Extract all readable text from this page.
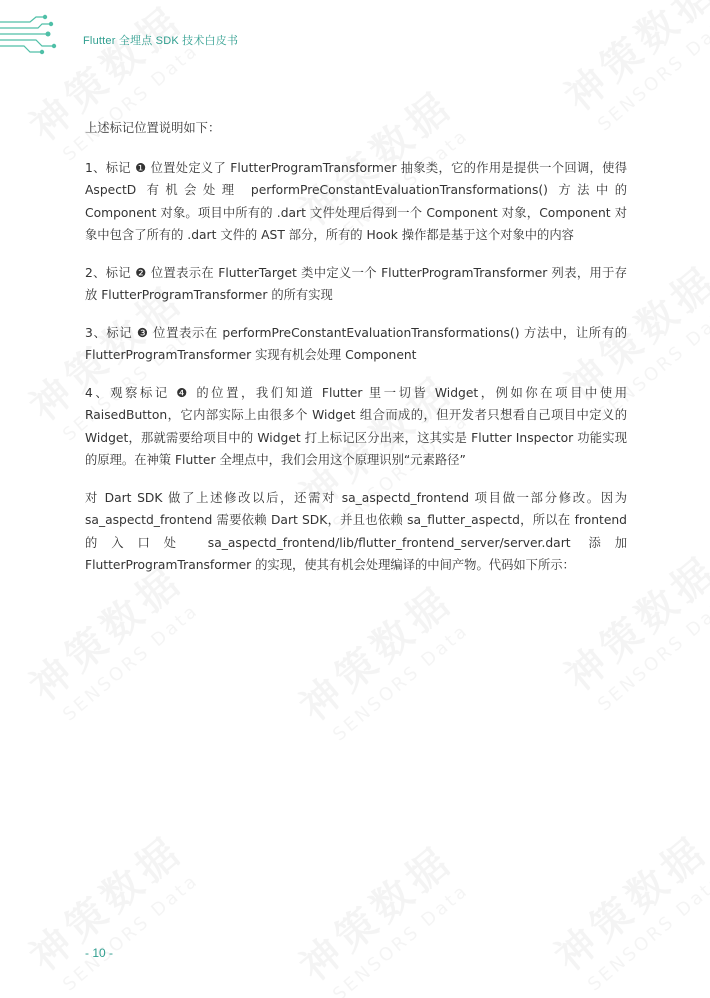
Flutter 全埋点 SDK 技术白皮书

上述标记位置说明如下：

1、标记 ❶ 位置处定义了 FlutterProgramTransformer 抽象类，它的作用是提供一个回调，使得 AspectD 有机会处理 performPreConstantEvaluationTransformations() 方法中的 Component 对象。项目中所有的 .dart 文件处理后得到一个 Component 对象，Component 对象中包含了所有的 .dart 文件的 AST 部分，所有的 Hook 操作都是基于这个对象中的内容

2、标记 ❷ 位置表示在 FlutterTarget 类中定义一个 FlutterProgramTransformer 列表，用于存放 FlutterProgramTransformer 的所有实现

3、标记 ❸ 位置表示在 performPreConstantEvaluationTransformations() 方法中，让所有的 FlutterProgramTransformer 实现有机会处理 Component

4、观察标记 ❹ 的位置，我们知道 Flutter 里一切皆 Widget，例如你在项目中使用 RaisedButton，它内部实际上由很多个 Widget 组合而成的，但开发者只想看自己项目中定义的 Widget，那就需要给项目中的 Widget 打上标记区分出来，这其实是 Flutter Inspector 功能实现的原理。在神策 Flutter 全埋点中，我们会用这个原理识别“元素路径”

对 Dart SDK 做了上述修改以后，还需对 sa_aspectd_frontend 项目做一部分修改。因为 sa_aspectd_frontend 需要依赖 Dart SDK，并且也依赖 sa_flutter_aspectd，所以在 frontend 的入口处 sa_aspectd_frontend/lib/flutter_frontend_server/server.dart 添加 FlutterProgramTransformer 的实现，使其有机会处理编译的中间产物。代码如下所示：

- 10 -
